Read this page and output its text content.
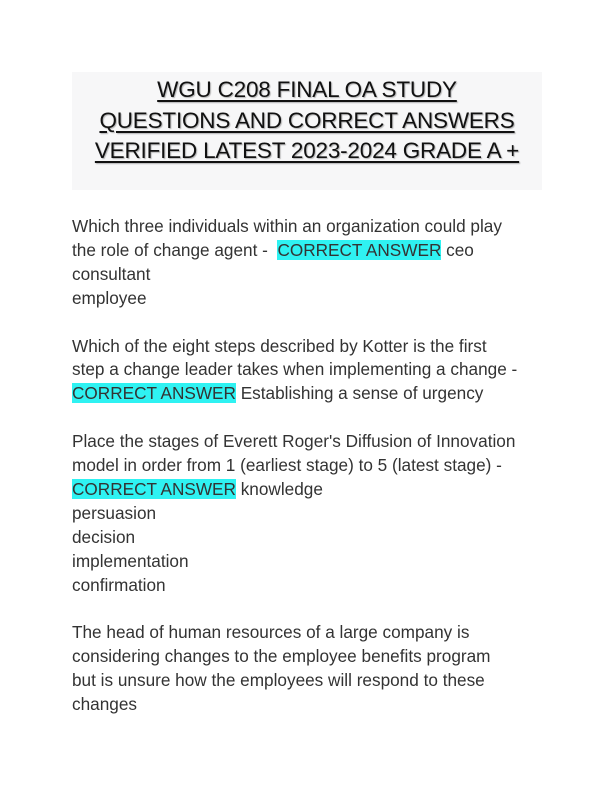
WGU C208 FINAL OA STUDY
QUESTIONS AND CORRECT ANSWERS
VERIFIED LATEST 2023-2024 GRADE A +
Which three individuals within an organization could play
the role of change agent -  CORRECT ANSWER ceo
consultant
employee
Which of the eight steps described by Kotter is the first
step a change leader takes when implementing a change -
CORRECT ANSWER Establishing a sense of urgency
Place the stages of Everett Roger's Diffusion of Innovation
model in order from 1 (earliest stage) to 5 (latest stage) -
CORRECT ANSWER knowledge
persuasion
decision
implementation
confirmation
The head of human resources of a large company is
considering changes to the employee benefits program
but is unsure how the employees will respond to these
changes
